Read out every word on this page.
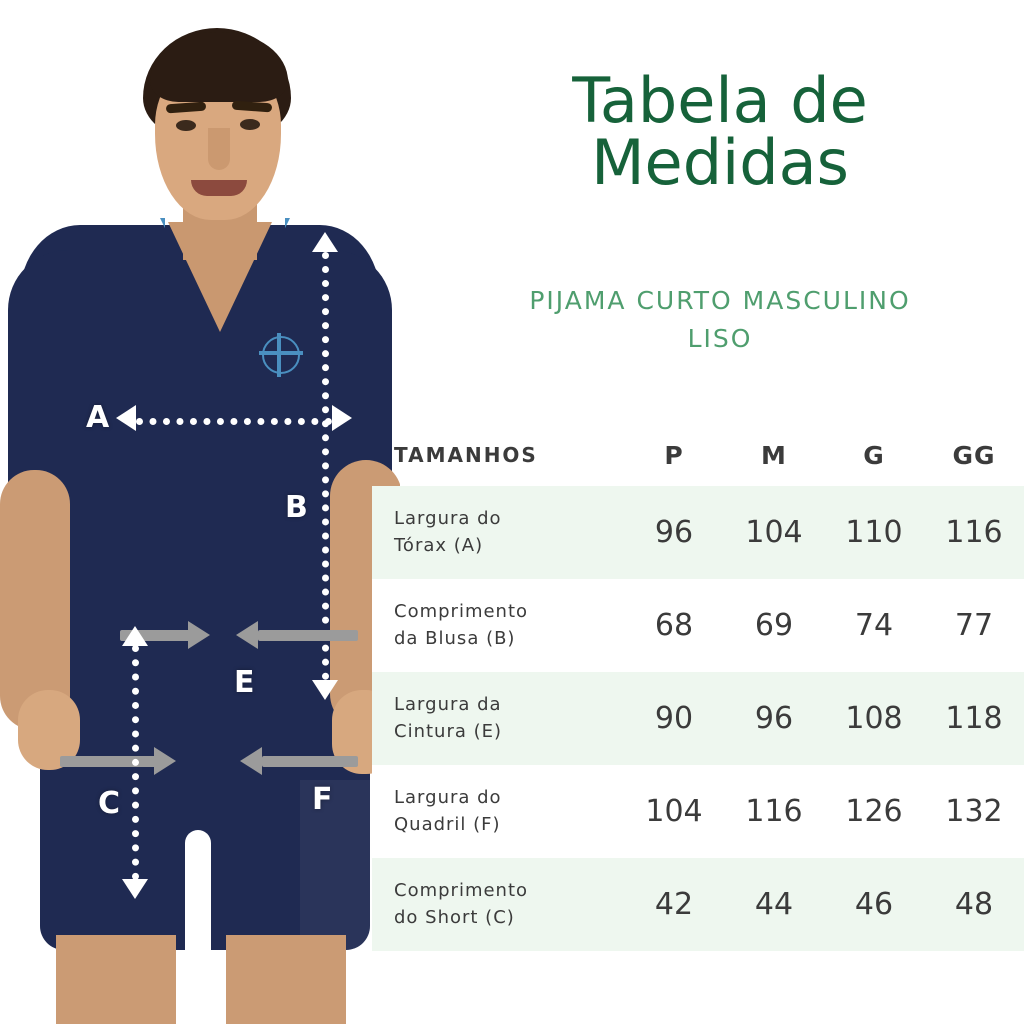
A
B
E
F
C
Tabela de
Medidas
PIJAMA CURTO MASCULINO
LISO
TAMANHOS	P	M	G	GG

Largura do
Tórax (A)	96	104	110	116

Comprimento
da Blusa (B)	68	69	74	77

Largura da
Cintura (E)	90	96	108	118

Largura do
Quadril (F)	104	116	126	132

Comprimento
do Short (C)	42	44	46	48
